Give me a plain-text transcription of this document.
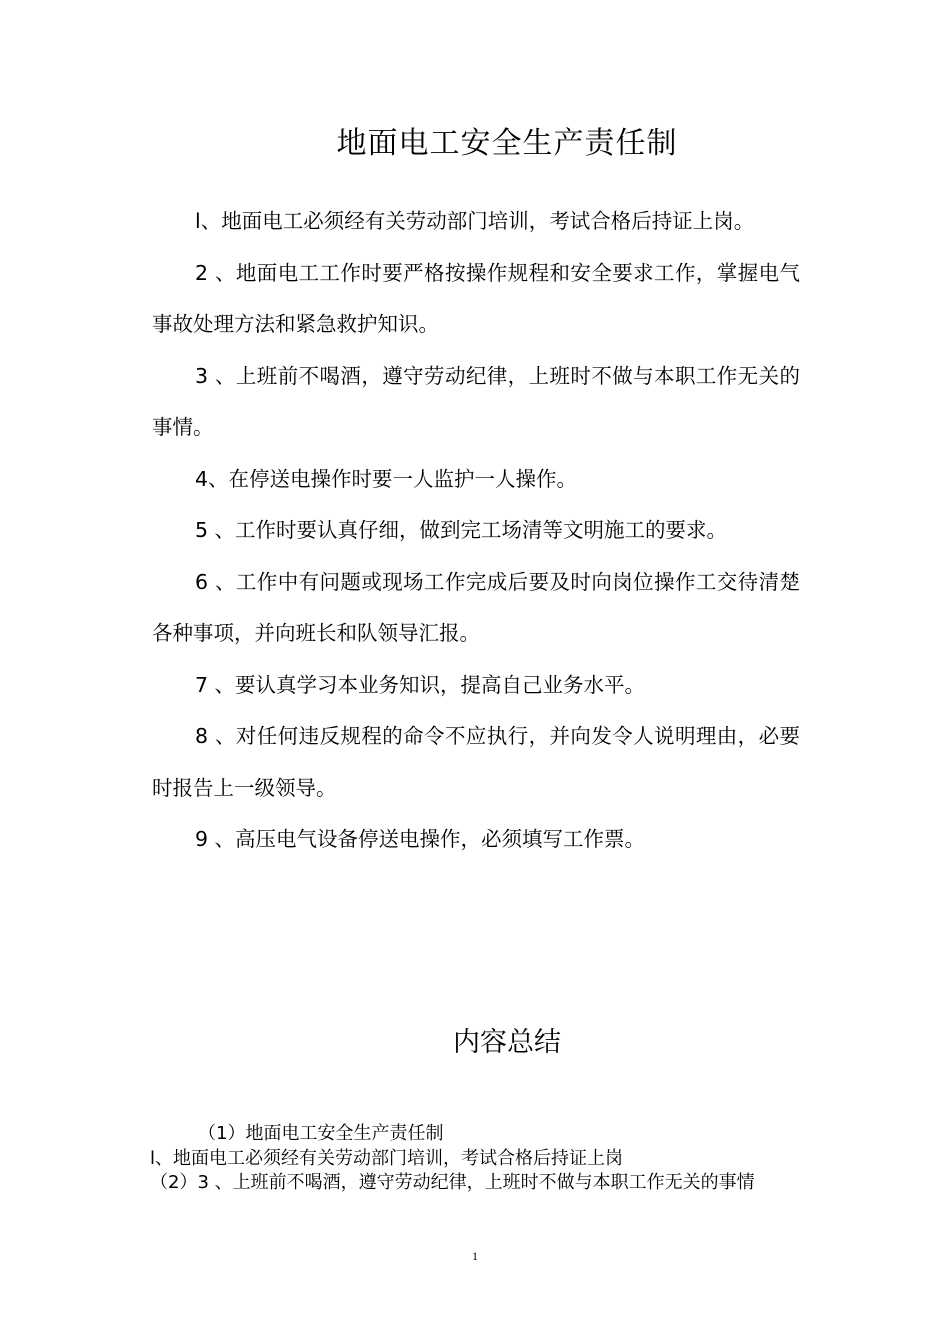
地面电工安全生产责任制

l、地面电工必须经有关劳动部门培训，考试合格后持证上岗。

2 、地面电工工作时要严格按操作规程和安全要求工作，掌握电气事故处理方法和紧急救护知识。

3 、上班前不喝酒，遵守劳动纪律，上班时不做与本职工作无关的事情。

4、在停送电操作时要一人监护一人操作。

5 、工作时要认真仔细，做到完工场清等文明施工的要求。

6 、工作中有问题或现场工作完成后要及时向岗位操作工交待清楚各种事项，并向班长和队领导汇报。

7 、要认真学习本业务知识，提高自己业务水平。

8 、对任何违反规程的命令不应执行，并向发令人说明理由，必要时报告上一级领导。

9 、高压电气设备停送电操作，必须填写工作票。

内容总结

（1）地面电工安全生产责任制

l、地面电工必须经有关劳动部门培训，考试合格后持证上岗

（2）3 、上班前不喝酒，遵守劳动纪律，上班时不做与本职工作无关的事情

1
